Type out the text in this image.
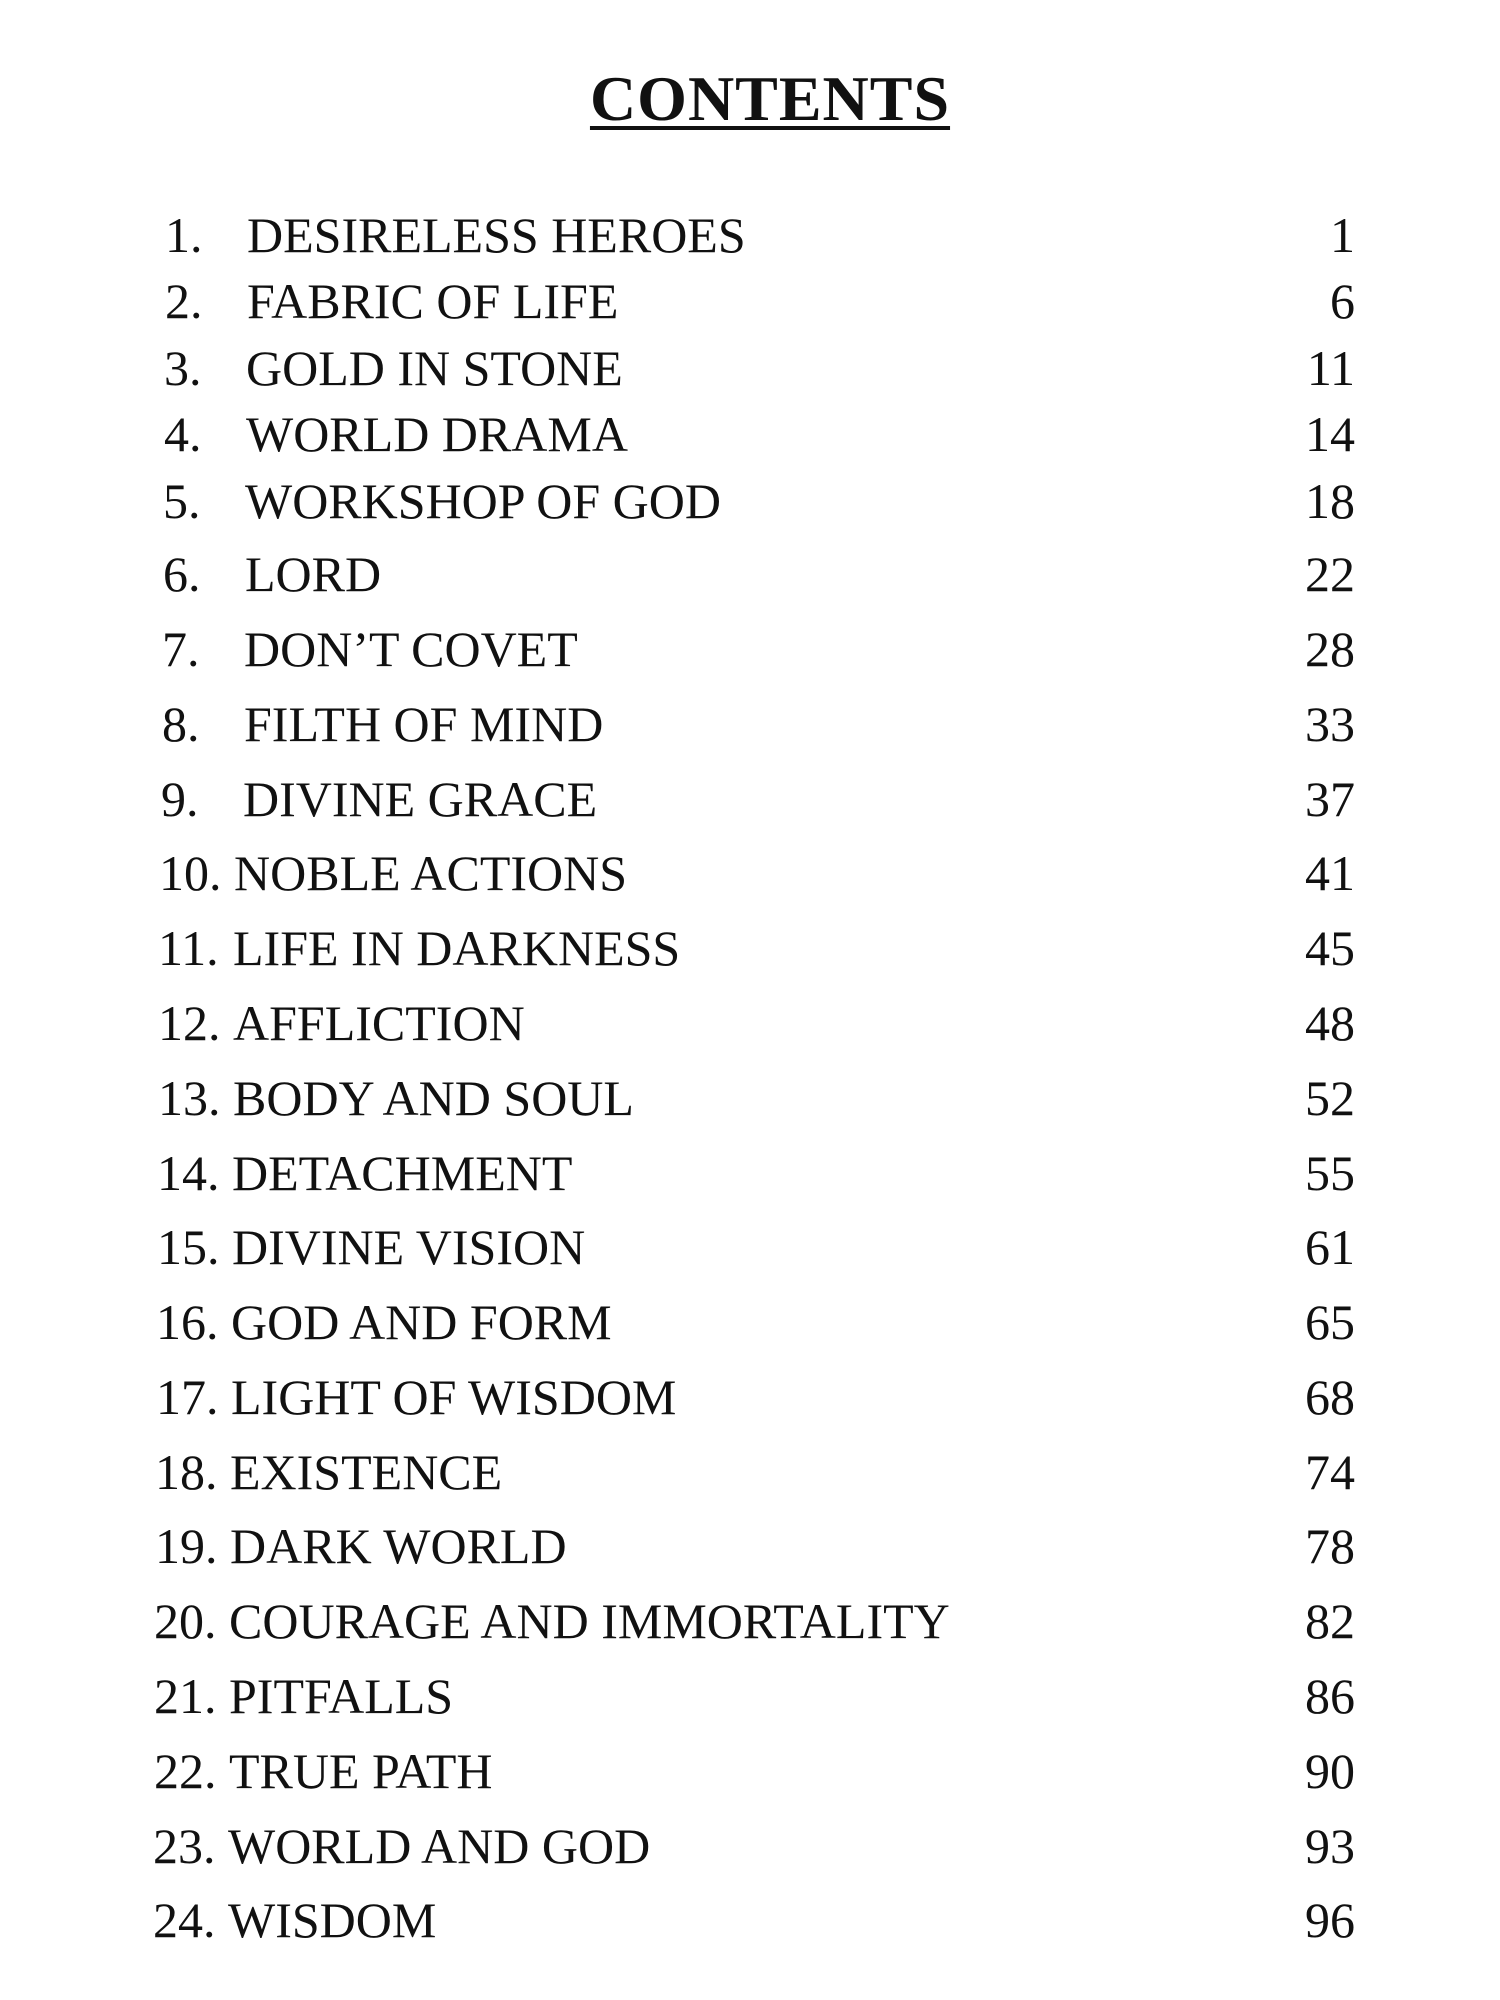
CONTENTS
1. DESIRELESS HEROES	1
2. FABRIC OF LIFE	6
3. GOLD IN STONE	11
4. WORLD DRAMA	14
5. WORKSHOP OF GOD	18
6. LORD	22
7. DON’T COVET	28
8. FILTH OF MIND	33
9. DIVINE GRACE	37
10. NOBLE ACTIONS	41
11. LIFE IN DARKNESS	45
12. AFFLICTION	48
13. BODY AND SOUL	52
14. DETACHMENT	55
15. DIVINE VISION	61
16. GOD AND FORM	65
17. LIGHT OF WISDOM	68
18. EXISTENCE	74
19. DARK WORLD	78
20. COURAGE AND IMMORTALITY	82
21. PITFALLS	86
22. TRUE PATH	90
23. WORLD AND GOD	93
24. WISDOM	96
